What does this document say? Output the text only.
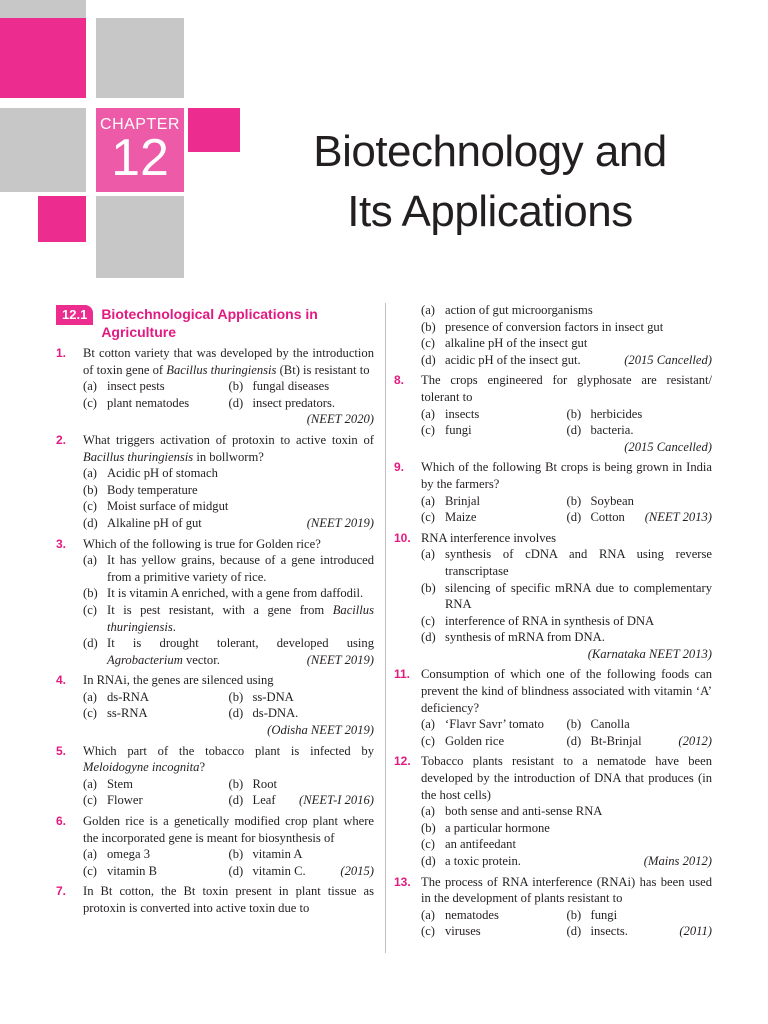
CHAPTER
12	Biotechnology and
Its Applications
12.1	Biotechnological Applications in Agriculture
1.	Bt cotton variety that was developed by the introduction of toxin gene of Bacillus thuringiensis (Bt) is resistant to
(a) insect pests	(b) fungal diseases
(c) plant nematodes	(d) insect predators.
(NEET 2020)
2.	What triggers activation of protoxin to active toxin of Bacillus thuringiensis in bollworm?
(a) Acidic pH of stomach
(b) Body temperature
(c) Moist surface of midgut
(d) Alkaline pH of gut	(NEET 2019)
3.	Which of the following is true for Golden rice?
(a) It has yellow grains, because of a gene introduced from a primitive variety of rice.
(b) It is vitamin A enriched, with a gene from daffodil.
(c) It is pest resistant, with a gene from Bacillus thuringiensis.
(d) It is drought tolerant, developed using Agrobacterium vector.	(NEET 2019)
4.	In RNAi, the genes are silenced using
(a) ds-RNA	(b) ss-DNA
(c) ss-RNA	(d) ds-DNA.
(Odisha NEET 2019)
5.	Which part of the tobacco plant is infected by Meloidogyne incognita?
(a) Stem	(b) Root
(c) Flower	(d) Leaf (NEET-I 2016)
6.	Golden rice is a genetically modified crop plant where the incorporated gene is meant for biosynthesis of
(a) omega 3	(b) vitamin A
(c) vitamin B	(d) vitamin C.	(2015)
7.	In Bt cotton, the Bt toxin present in plant tissue as protoxin is converted into active toxin due to
(a) action of gut microorganisms
(b) presence of conversion factors in insect gut
(c) alkaline pH of the insect gut
(d) acidic pH of the insect gut.	(2015 Cancelled)
8.	The crops engineered for glyphosate are resistant/ tolerant to
(a) insects	(b) herbicides
(c) fungi	(d) bacteria.
(2015 Cancelled)
9.	Which of the following Bt crops is being grown in India by the farmers?
(a) Brinjal	(b) Soybean
(c) Maize	(d) Cotton (NEET 2013)
10. RNA interference involves
(a) synthesis of cDNA and RNA using reverse transcriptase
(b) silencing of specific mRNA due to complementary RNA
(c) interference of RNA in synthesis of DNA
(d) synthesis of mRNA from DNA.
(Karnataka NEET 2013)
11. Consumption of which one of the following foods can prevent the kind of blindness associated with vitamin ‘A’ deficiency?
(a) ‘Flavr Savr’ tomato	(b) Canolla
(c) Golden rice	(d) Bt-Brinjal	(2012)
12. Tobacco plants resistant to a nematode have been developed by the introduction of DNA that produces (in the host cells)
(a) both sense and anti-sense RNA
(b) a particular hormone
(c) an antifeedant
(d) a toxic protein.	(Mains 2012)
13. The process of RNA interference (RNAi) has been used in the development of plants resistant to
(a) nematodes	(b) fungi
(c) viruses	(d) insects.	(2011)
